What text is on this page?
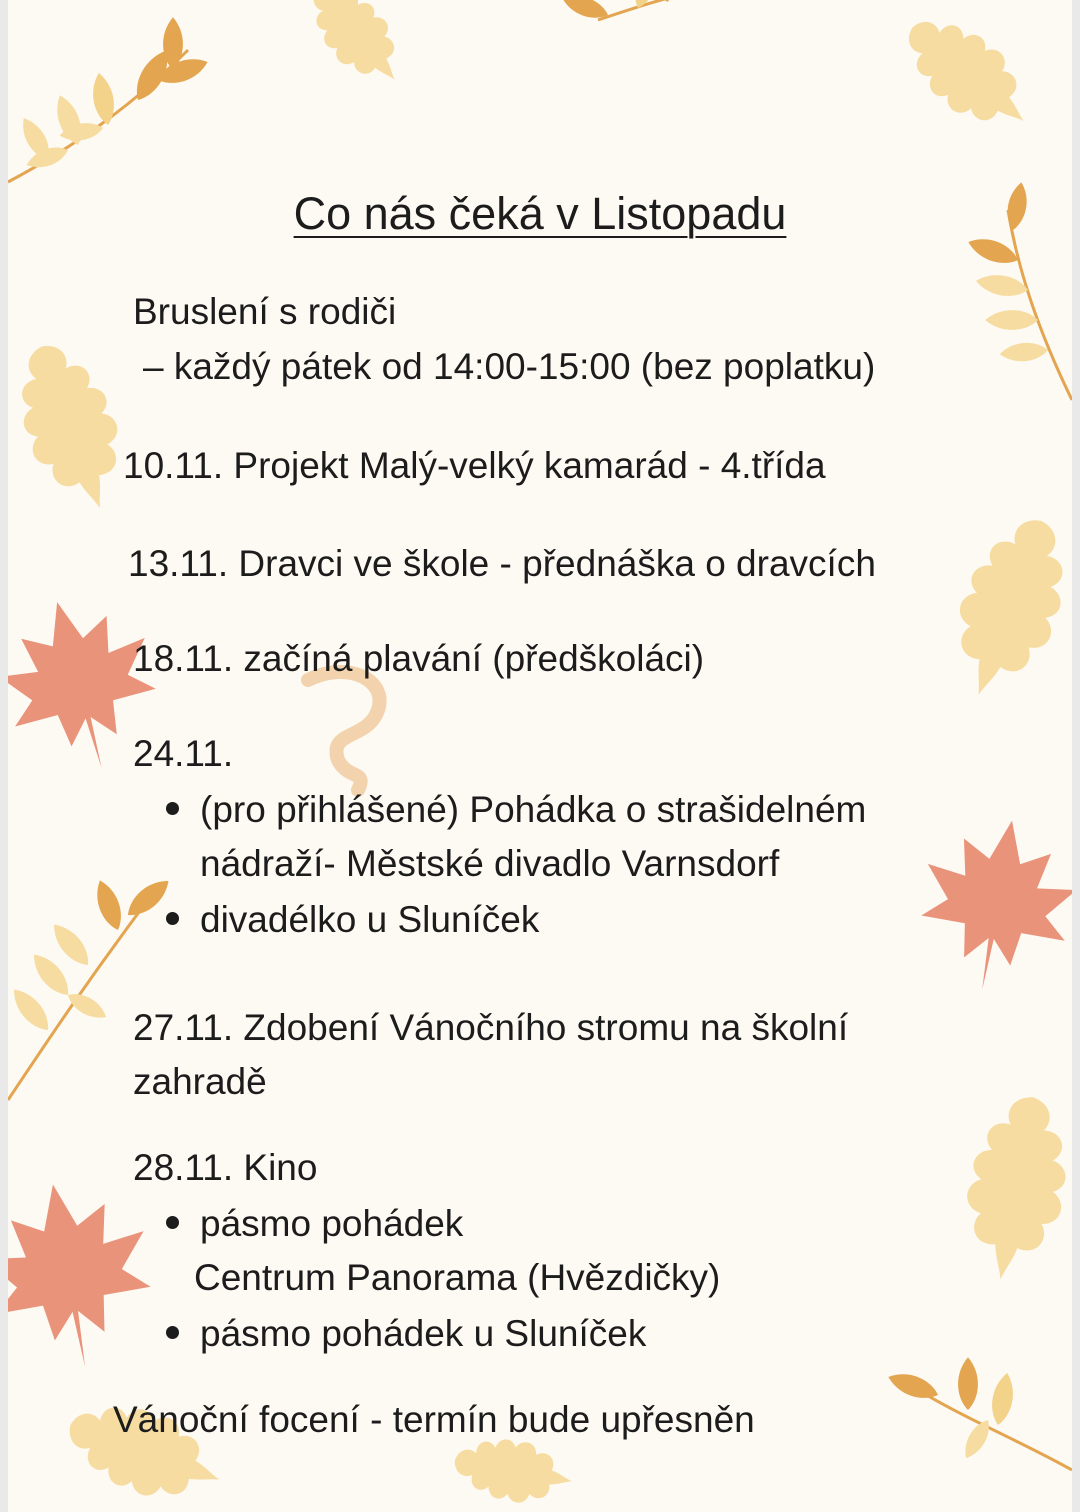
Co nás čeká v Listopadu

Bruslení s rodiči

– každý pátek od 14:00-15:00 (bez poplatku)

10.11. Projekt Malý-velký kamarád - 4.třída

13.11. Dravci ve škole - přednáška o dravcích

18.11. začíná plavání (předškoláci)

24.11.

(pro přihlášené) Pohádka o strašidelném

nádraží- Městské divadlo Varnsdorf

divadélko u Sluníček

27.11. Zdobení Vánočního stromu na školní

zahradě

28.11. Kino

pásmo pohádek

Centrum Panorama (Hvězdičky)

pásmo pohádek u Sluníček

Vánoční focení - termín bude upřesněn
